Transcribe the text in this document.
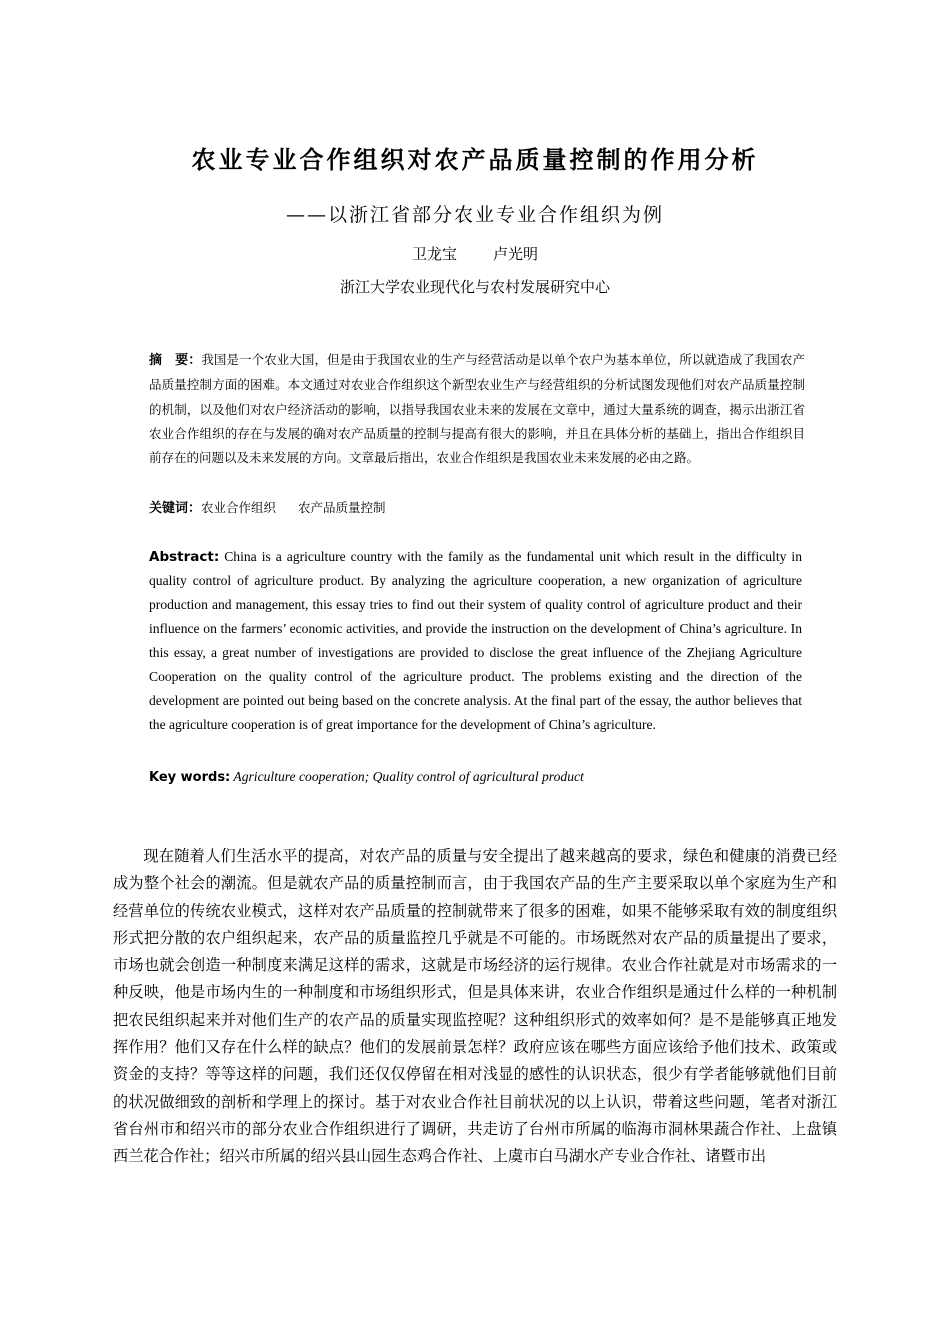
农业专业合作组织对农产品质量控制的作用分析
——以浙江省部分农业专业合作组织为例
卫龙宝 卢光明
浙江大学农业现代化与农村发展研究中心
摘　要：我国是一个农业大国，但是由于我国农业的生产与经营活动是以单个农户为基本单位，所以就造成了我国农产品质量控制方面的困难。本文通过对农业合作组织这个新型农业生产与经营组织的分析试图发现他们对农产品质量控制的机制，以及他们对农户经济活动的影响，以指导我国农业未来的发展在文章中，通过大量系统的调查，揭示出浙江省农业合作组织的存在与发展的确对农产品质量的控制与提高有很大的影响，并且在具体分析的基础上，指出合作组织目前存在的问题以及未来发展的方向。文章最后指出，农业合作组织是我国农业未来发展的必由之路。
关键词：农业合作组织 农产品质量控制
Abstract: China is a agriculture country with the family as the fundamental unit which result in the difficulty in quality control of agriculture product. By analyzing the agriculture cooperation, a new organization of agriculture production and management, this essay tries to find out their system of quality control of agriculture product and their influence on the farmers’ economic activities, and provide the instruction on the development of China’s agriculture. In this essay, a great number of investigations are provided to disclose the great influence of the Zhejiang Agriculture Cooperation on the quality control of the agriculture product. The problems existing and the direction of the development are pointed out being based on the concrete analysis. At the final part of the essay, the author believes that the agriculture cooperation is of great importance for the development of China’s agriculture.
Key words: Agriculture cooperation; Quality control of agricultural product
现在随着人们生活水平的提高，对农产品的质量与安全提出了越来越高的要求，绿色和健康的消费已经成为整个社会的潮流。但是就农产品的质量控制而言，由于我国农产品的生产主要采取以单个家庭为生产和经营单位的传统农业模式，这样对农产品质量的控制就带来了很多的困难，如果不能够采取有效的制度组织形式把分散的农户组织起来，农产品的质量监控几乎就是不可能的。市场既然对农产品的质量提出了要求，市场也就会创造一种制度来满足这样的需求，这就是市场经济的运行规律。农业合作社就是对市场需求的一种反映，他是市场内生的一种制度和市场组织形式，但是具体来讲，农业合作组织是通过什么样的一种机制把农民组织起来并对他们生产的农产品的质量实现监控呢？这种组织形式的效率如何？是不是能够真正地发挥作用？他们又存在什么样的缺点？他们的发展前景怎样？政府应该在哪些方面应该给予他们技术、政策或资金的支持？等等这样的问题，我们还仅仅停留在相对浅显的感性的认识状态，很少有学者能够就他们目前的状况做细致的剖析和学理上的探讨。基于对农业合作社目前状况的以上认识，带着这些问题，笔者对浙江省台州市和绍兴市的部分农业合作组织进行了调研，共走访了台州市所属的临海市洞林果蔬合作社、上盘镇西兰花合作社；绍兴市所属的绍兴县山园生态鸡合作社、上虞市白马湖水产专业合作社、诸暨市出
